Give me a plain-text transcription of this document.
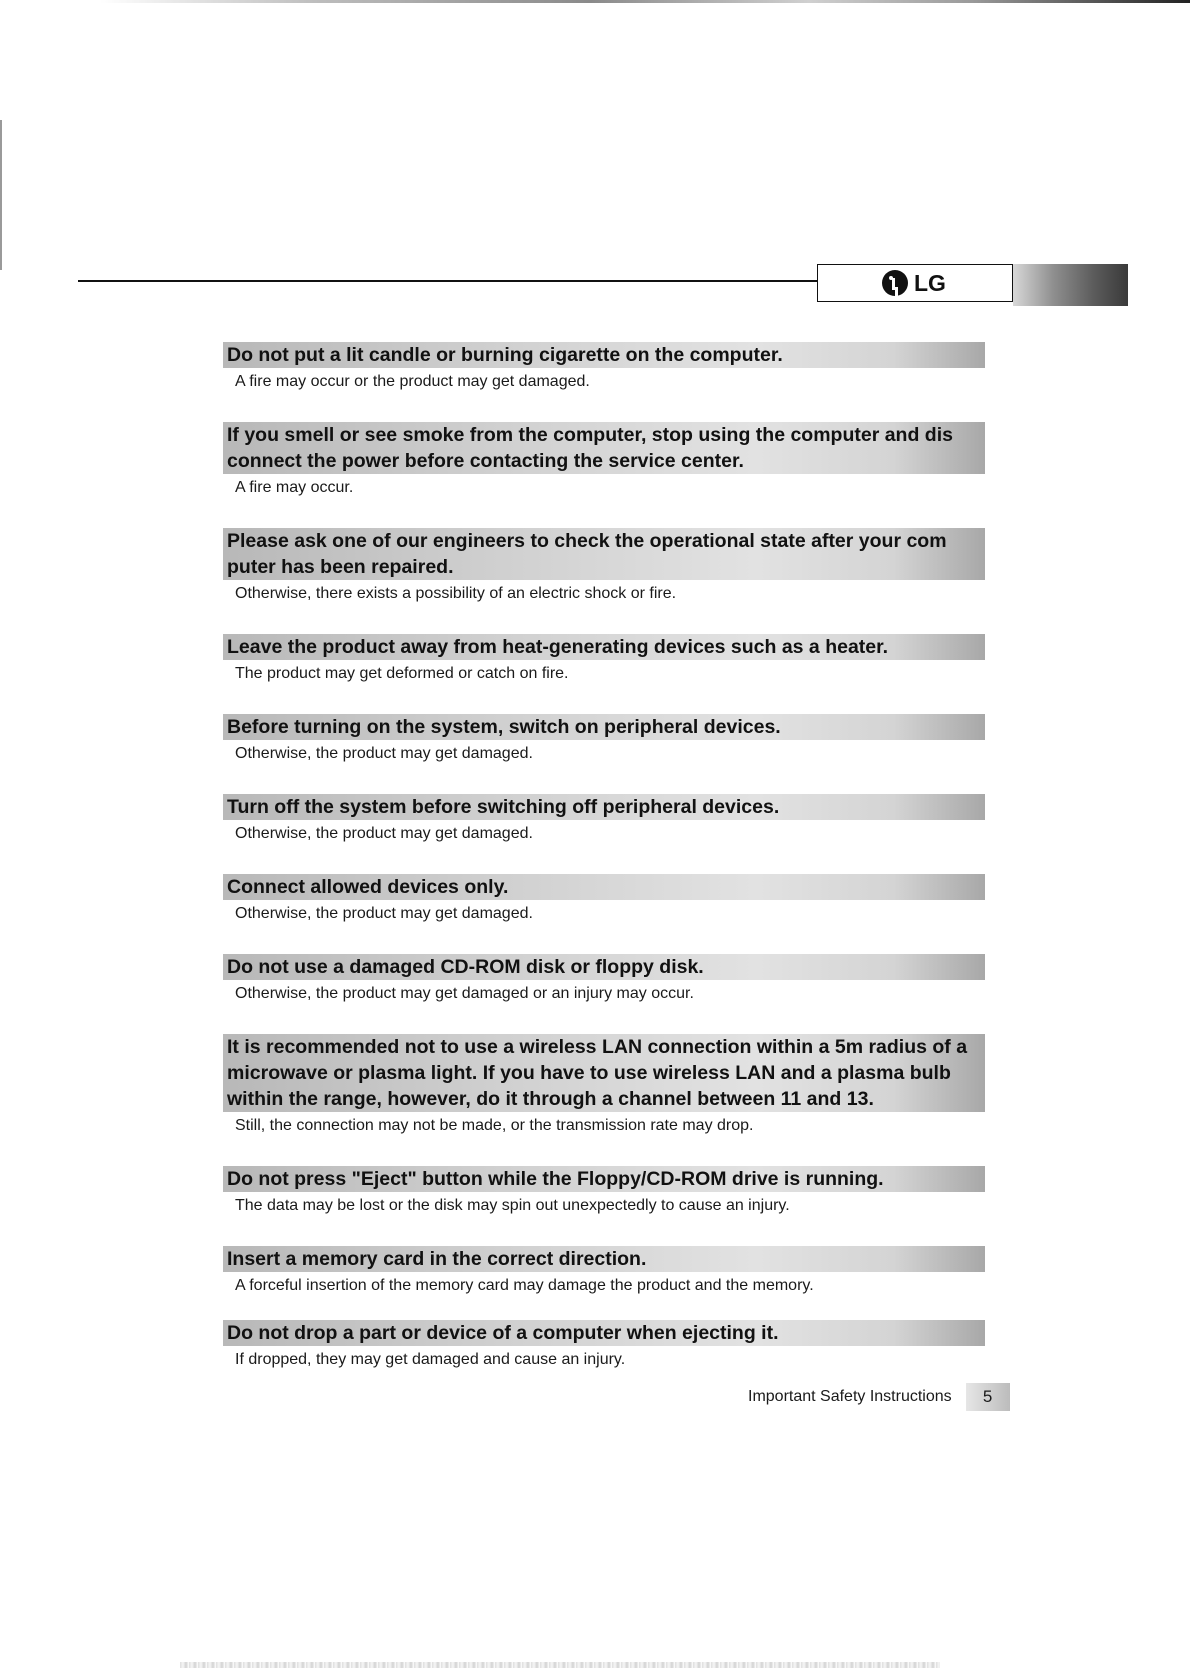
LG
Do not put a lit candle or burning cigarette on the computer.
A fire may occur or the product may get damaged.
If you smell or see smoke from the computer, stop using the computer and dis connect the power before contacting the service center.
A fire may occur.
Please ask one of our engineers to check the operational state after your com puter has been repaired.
Otherwise, there exists a possibility of an electric shock or fire.
Leave the product away from heat-generating devices such as a heater.
The product may get deformed or catch on fire.
Before turning on the system, switch on peripheral devices.
Otherwise, the product may get damaged.
Turn off the system before switching off peripheral devices.
Otherwise, the product may get damaged.
Connect allowed devices only.
Otherwise, the product may get damaged.
Do not use a damaged CD-ROM disk or floppy disk.
Otherwise, the product may get damaged or an injury may occur.
It is recommended not to use a wireless LAN connection within a 5m radius of a microwave or plasma light. If you have to use wireless LAN and a plasma bulb within the range, however, do it through a channel between 11 and 13.
Still, the connection may not be made, or the transmission rate may drop.
Do not press "Eject" button while the Floppy/CD-ROM drive is running.
The data may be lost or the disk may spin out unexpectedly to cause an injury.
Insert a memory card in the correct direction.
A forceful insertion of the memory card may damage the product and the memory.
Do not drop a part or device of a computer when ejecting it.
If dropped, they may get damaged and cause an injury.
Important Safety Instructions	5
